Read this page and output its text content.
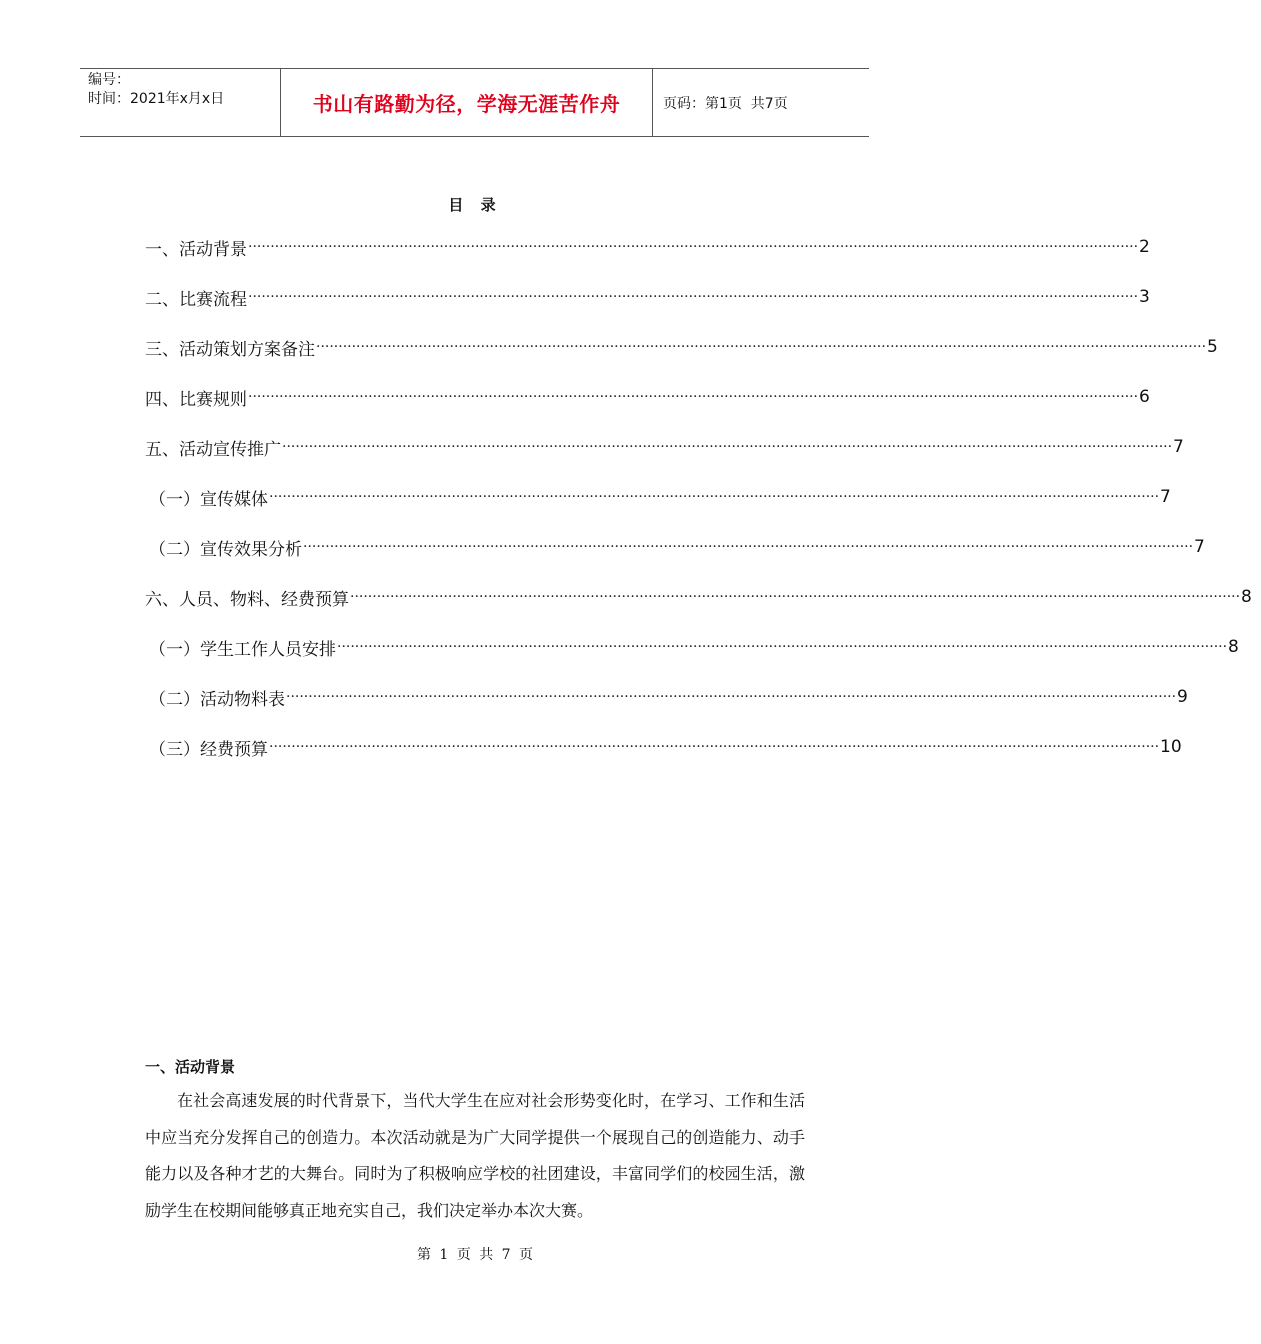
编号：
时间：2021年x月x日	书山有路勤为径，学海无涯苦作舟	页码：第1页  共7页
目 录
一、活动背景 ········································································································································································································ 2
二、比赛流程 ········································································································································································································ 3
三、活动策划方案备注 ········································································································································································································ 5
四、比赛规则 ········································································································································································································ 6
五、活动宣传推广 ········································································································································································································ 7
（一）宣传媒体 ········································································································································································································ 7
（二）宣传效果分析 ········································································································································································································ 7
六、人员、物料、经费预算 ········································································································································································································ 8
（一）学生工作人员安排 ········································································································································································································ 8
（二）活动物料表 ········································································································································································································ 9
（三）经费预算 ········································································································································································································ 10
一、活动背景
在社会高速发展的时代背景下，当代大学生在应对社会形势变化时，在学习、工作和生活中应当充分发挥自己的创造力。本次活动就是为广大同学提供一个展现自己的创造能力、动手能力以及各种才艺的大舞台。同时为了积极响应学校的社团建设，丰富同学们的校园生活，激励学生在校期间能够真正地充实自己，我们决定举办本次大赛。
第 1 页 共 7 页
